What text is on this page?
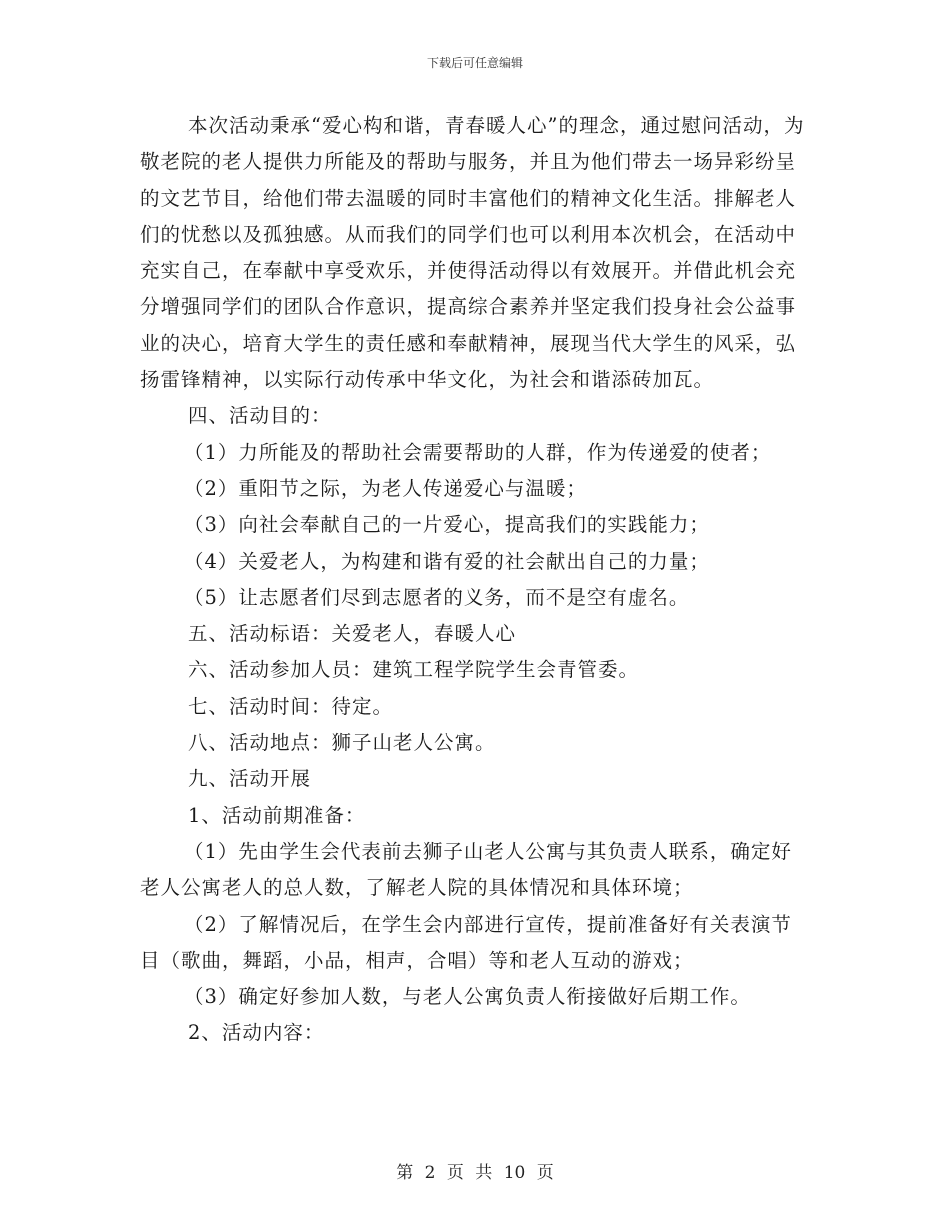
下载后可任意编辑

本次活动秉承“爱心构和谐，青春暖人心”的理念，通过慰问活动，为敬老院的老人提供力所能及的帮助与服务，并且为他们带去一场异彩纷呈的文艺节目，给他们带去温暖的同时丰富他们的精神文化生活。排解老人们的忧愁以及孤独感。从而我们的同学们也可以利用本次机会，在活动中充实自己，在奉献中享受欢乐，并使得活动得以有效展开。并借此机会充分增强同学们的团队合作意识，提高综合素养并坚定我们投身社会公益事业的决心，培育大学生的责任感和奉献精神，展现当代大学生的风采，弘扬雷锋精神，以实际行动传承中华文化，为社会和谐添砖加瓦。

四、活动目的：

（1）力所能及的帮助社会需要帮助的人群，作为传递爱的使者；

（2）重阳节之际，为老人传递爱心与温暖；

（3）向社会奉献自己的一片爱心，提高我们的实践能力；

（4）关爱老人，为构建和谐有爱的社会献出自己的力量；

（5）让志愿者们尽到志愿者的义务，而不是空有虚名。

五、活动标语：关爱老人，春暖人心

六、活动参加人员：建筑工程学院学生会青管委。

七、活动时间：待定。

八、活动地点：狮子山老人公寓。

九、活动开展

1、活动前期准备：

（1）先由学生会代表前去狮子山老人公寓与其负责人联系，确定好老人公寓老人的总人数，了解老人院的具体情况和具体环境；

（2）了解情况后，在学生会内部进行宣传，提前准备好有关表演节目（歌曲，舞蹈，小品，相声，合唱）等和老人互动的游戏；

（3）确定好参加人数，与老人公寓负责人衔接做好后期工作。

2、活动内容：

第 2 页 共 10 页
